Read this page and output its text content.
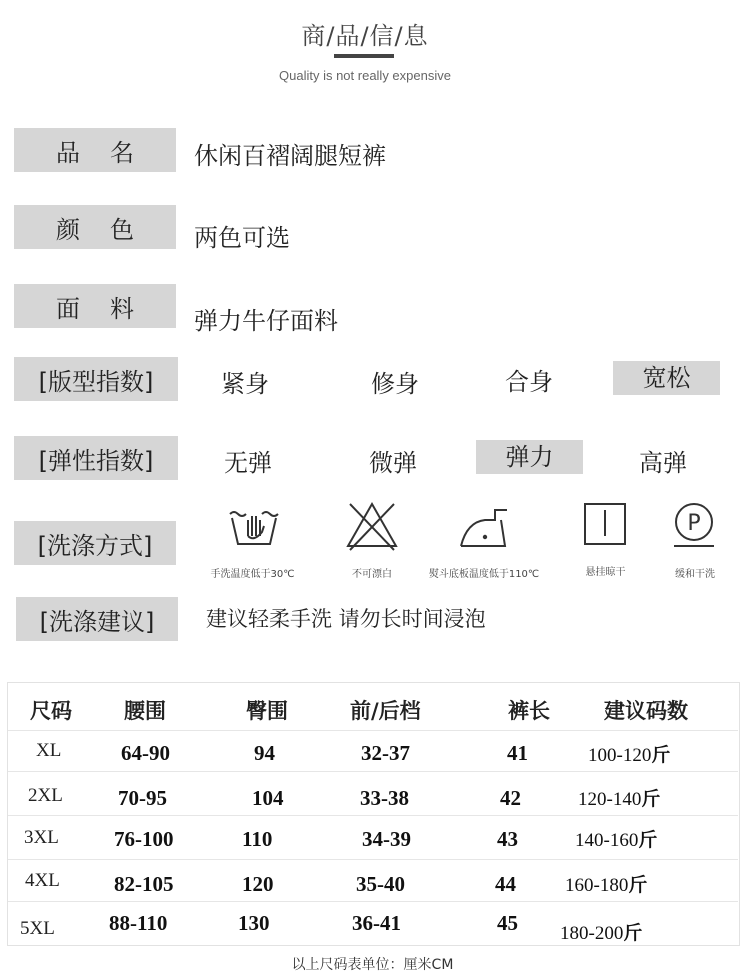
商/品/信/息
Quality is not really expensive
品名 休闲百褶阔腿短裤
颜色 两色可选
面料 弹力牛仔面料
[版型指数]	紧身	修身	合身	宽松
[弹性指数]	无弹	微弹	弹力	高弹
[洗涤方式]
手洗温度低于30℃	不可漂白	熨斗底板温度低于110℃	悬挂晾干
P
缓和干洗
[洗涤建议]	建议轻柔手洗 请勿长时间浸泡
尺码 腰围	臀围	前/后档	裤长	建议码数
XL	64-90	94	32-37	41	100-120斤
2XL	70-95	104	33-38	42	120-140斤
3XL	76-100	110	34-39	43	140-160斤
4XL	82-105	120	35-40	44	160-180斤
5XL	88-110	130	36-41	45 180-200斤
以上尺码表单位：厘米CM
